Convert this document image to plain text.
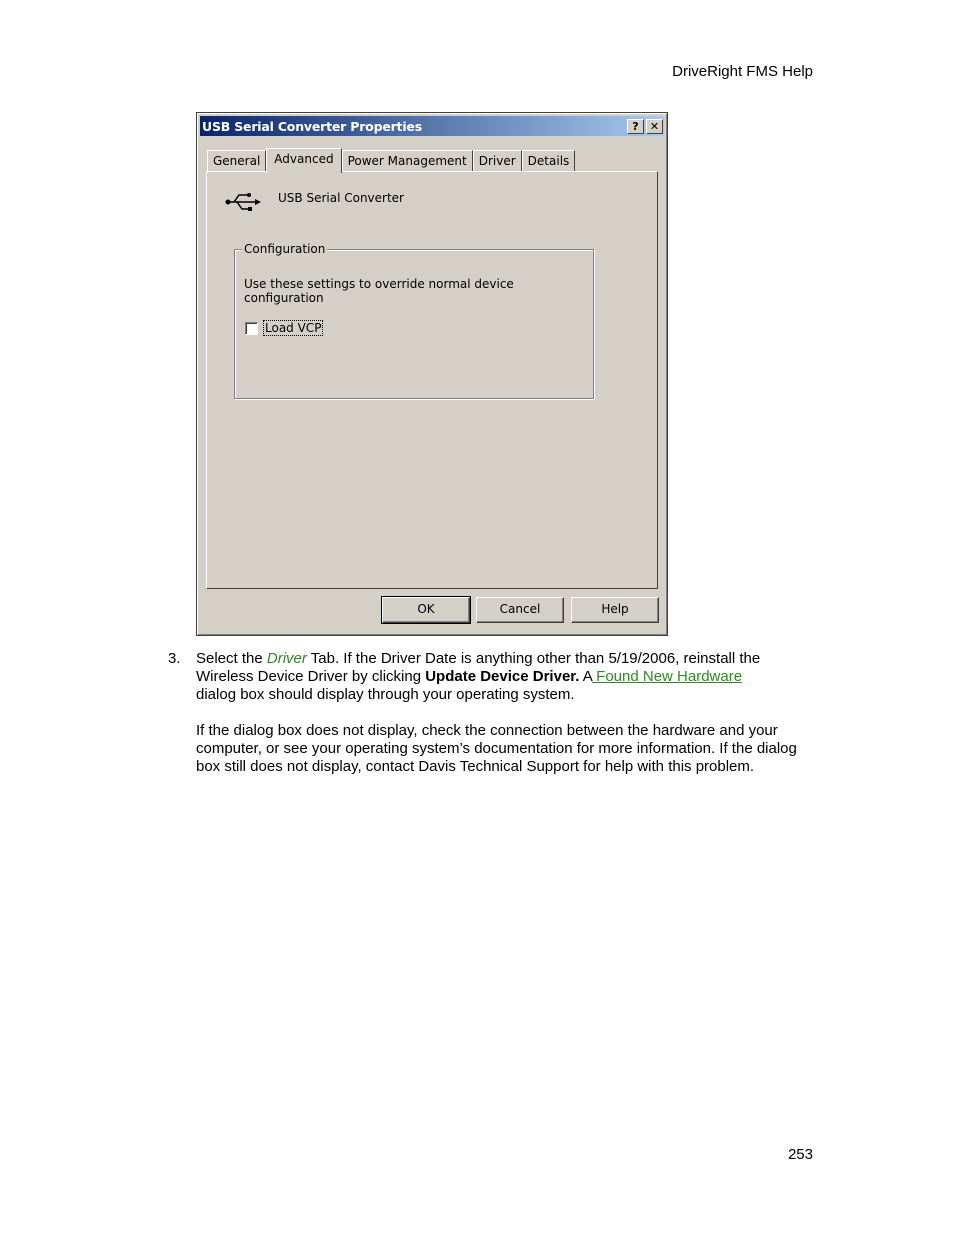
DriveRight FMS Help
USB Serial Converter Properties	?	✕
General	Advanced	Power Management	Driver	Details
USB Serial Converter
Configuration
Use these settings to override normal device configuration
Load VCP
OK	Cancel	Help
3. Select the Driver Tab. If the Driver Date is anything other than 5/19/2006, reinstall the Wireless Device Driver by clicking Update Device Driver. A Found New Hardware
dialog box should display through your operating system.
If the dialog box does not display, check the connection between the hardware and your computer, or see your operating system’s documentation for more information. If the dialog box still does not display, contact Davis Technical Support for help with this problem.
253
